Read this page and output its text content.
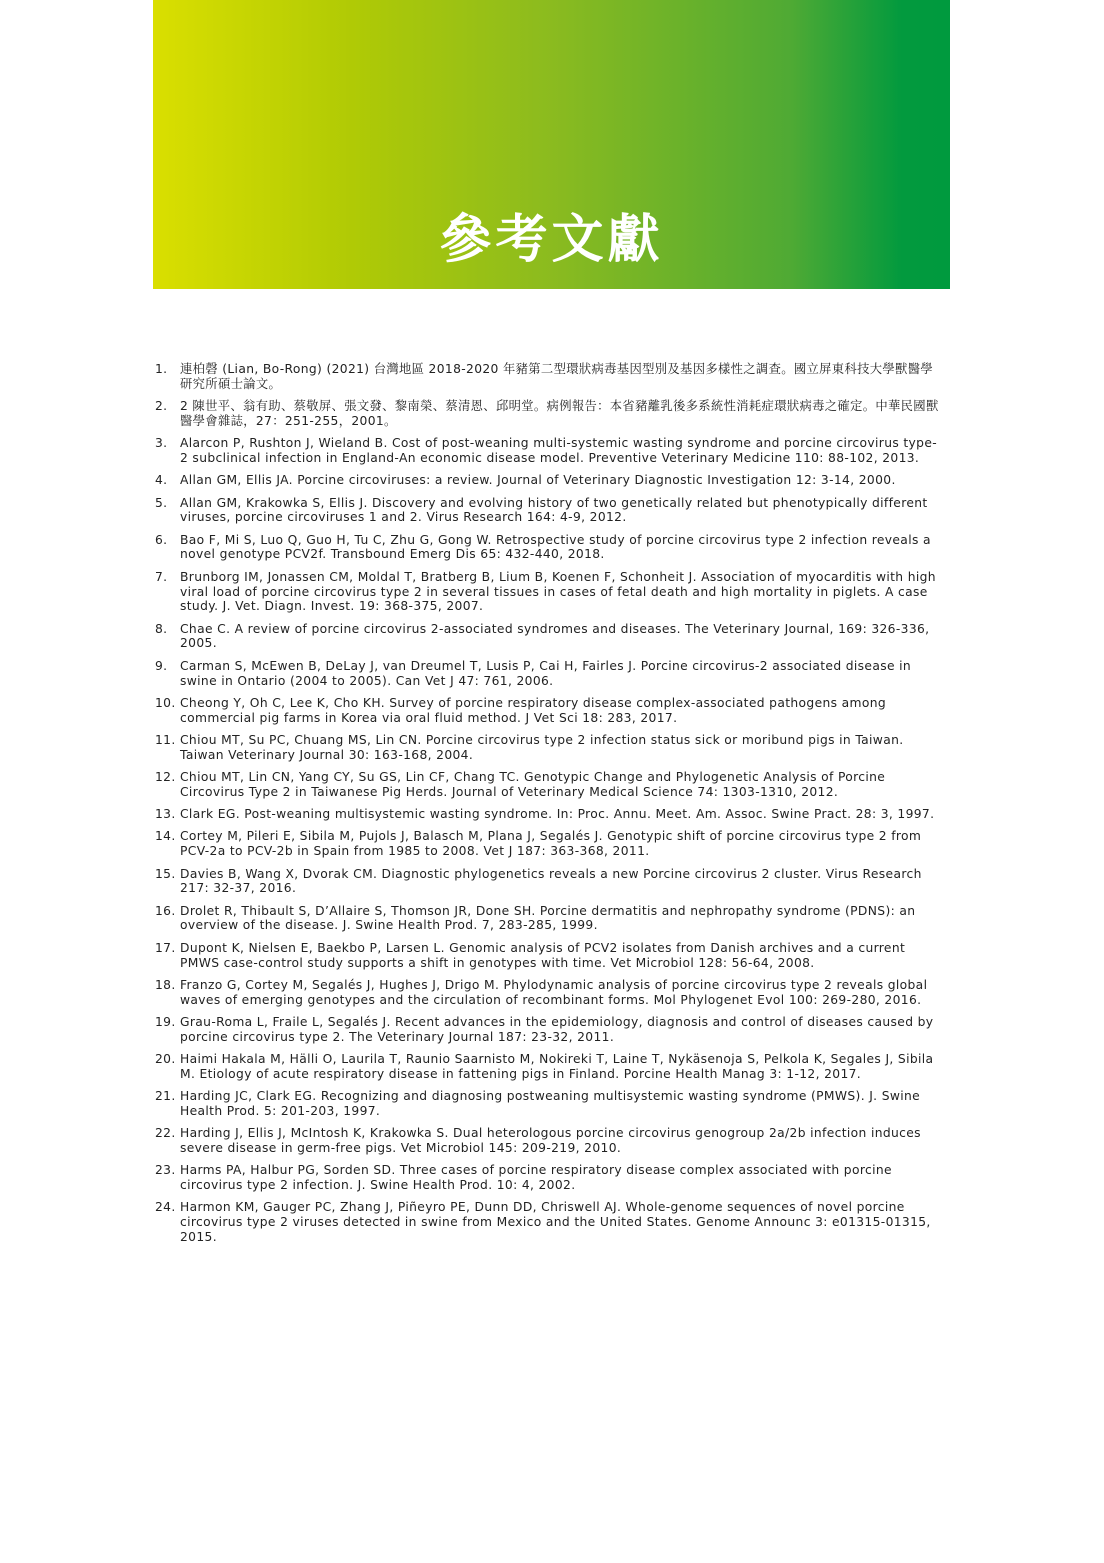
參考文獻
1.	連柏磬 (Lian, Bo-Rong) (2021) 台灣地區 2018-2020 年豬第二型環狀病毒基因型別及基因多樣性之調查。國立屏東科技大學獸醫學研究所碩士論文。
2.	2 陳世平、翁有助、蔡敬屏、張文發、黎南榮、蔡清恩、邱明堂。病例報告：本省豬離乳後多系統性消耗症環狀病毒之確定。中華民國獸醫學會雜誌，27：251-255，2001。
3.	Alarcon P, Rushton J, Wieland B. Cost of post-weaning multi-systemic wasting syndrome and porcine circovirus type-2 subclinical infection in England-An economic disease model. Preventive Veterinary Medicine 110: 88-102, 2013.
4.	Allan GM, Ellis JA. Porcine circoviruses: a review. Journal of Veterinary Diagnostic Investigation 12: 3-14, 2000.
5.	Allan GM, Krakowka S, Ellis J. Discovery and evolving history of two genetically related but phenotypically different viruses, porcine circoviruses 1 and 2. Virus Research 164: 4-9, 2012.
6.	Bao F, Mi S, Luo Q, Guo H, Tu C, Zhu G, Gong W. Retrospective study of porcine circovirus type 2 infection reveals a novel genotype PCV2f. Transbound Emerg Dis 65: 432-440, 2018.
7.	Brunborg IM, Jonassen CM, Moldal T, Bratberg B, Lium B, Koenen F, Schonheit J. Association of myocarditis with high viral load of porcine circovirus type 2 in several tissues in cases of fetal death and high mortality in piglets. A case study. J. Vet. Diagn. Invest. 19: 368-375, 2007.
8.	Chae C. A review of porcine circovirus 2-associated syndromes and diseases. The Veterinary Journal, 169: 326-336, 2005.
9.	Carman S, McEwen B, DeLay J, van Dreumel T, Lusis P, Cai H, Fairles J. Porcine circovirus-2 associated disease in swine in Ontario (2004 to 2005). Can Vet J 47: 761, 2006.
10. Cheong Y, Oh C, Lee K, Cho KH. Survey of porcine respiratory disease complex-associated pathogens among commercial pig farms in Korea via oral fluid method. J Vet Sci 18: 283, 2017.
11. Chiou MT, Su PC, Chuang MS, Lin CN. Porcine circovirus type 2 infection status sick or moribund pigs in Taiwan. Taiwan Veterinary Journal 30: 163-168, 2004.
12. Chiou MT, Lin CN, Yang CY, Su GS, Lin CF, Chang TC. Genotypic Change and Phylogenetic Analysis of Porcine Circovirus Type 2 in Taiwanese Pig Herds. Journal of Veterinary Medical Science 74: 1303-1310, 2012.
13. Clark EG. Post-weaning multisystemic wasting syndrome. In: Proc. Annu. Meet. Am. Assoc. Swine Pract. 28: 3, 1997.
14. Cortey M, Pileri E, Sibila M, Pujols J, Balasch M, Plana J, Segalés J. Genotypic shift of porcine circovirus type 2 from PCV-2a to PCV-2b in Spain from 1985 to 2008. Vet J 187: 363-368, 2011.
15. Davies B, Wang X, Dvorak CM. Diagnostic phylogenetics reveals a new Porcine circovirus 2 cluster. Virus Research 217: 32-37, 2016.
16. Drolet R, Thibault S, D’Allaire S, Thomson JR, Done SH. Porcine dermatitis and nephropathy syndrome (PDNS): an overview of the disease. J. Swine Health Prod. 7, 283-285, 1999.
17. Dupont K, Nielsen E, Baekbo P, Larsen L. Genomic analysis of PCV2 isolates from Danish archives and a current PMWS case-control study supports a shift in genotypes with time. Vet Microbiol 128: 56-64, 2008.
18. Franzo G, Cortey M, Segalés J, Hughes J, Drigo M. Phylodynamic analysis of porcine circovirus type 2 reveals global waves of emerging genotypes and the circulation of recombinant forms. Mol Phylogenet Evol 100: 269-280, 2016.
19. Grau-Roma L, Fraile L, Segalés J. Recent advances in the epidemiology, diagnosis and control of diseases caused by porcine circovirus type 2. The Veterinary Journal 187: 23-32, 2011.
20. Haimi Hakala M, Hälli O, Laurila T, Raunio Saarnisto M, Nokireki T, Laine T, Nykäsenoja S, Pelkola K, Segales J, Sibila M. Etiology of acute respiratory disease in fattening pigs in Finland. Porcine Health Manag 3: 1-12, 2017.
21. Harding JC, Clark EG. Recognizing and diagnosing postweaning multisystemic wasting syndrome (PMWS). J. Swine Health Prod. 5: 201-203, 1997.
22. Harding J, Ellis J, McIntosh K, Krakowka S. Dual heterologous porcine circovirus genogroup 2a/2b infection induces severe disease in germ-free pigs. Vet Microbiol 145: 209-219, 2010.
23. Harms PA, Halbur PG, Sorden SD. Three cases of porcine respiratory disease complex associated with porcine circovirus type 2 infection. J. Swine Health Prod. 10: 4, 2002.
24. Harmon KM, Gauger PC, Zhang J, Piñeyro PE, Dunn DD, Chriswell AJ. Whole-genome sequences of novel porcine circovirus type 2 viruses detected in swine from Mexico and the United States. Genome Announc 3: e01315-01315, 2015.
